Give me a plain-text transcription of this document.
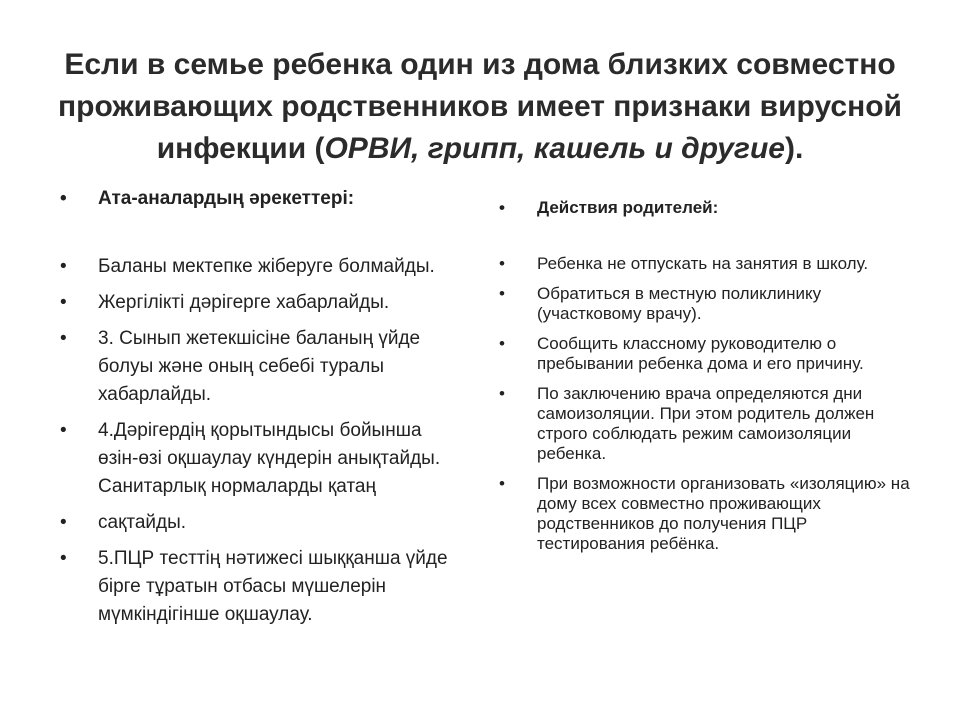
Если в семье ребенка один из дома близких совместно
проживающих родственников имеет признаки вирусной
инфекции (ОРВИ, грипп, кашель и другие).
• Ата-аналардың әрекеттері:
• Баланы мектепке жіберуге болмайды.
• Жергілікті дәрігерге хабарлайды.
• 3. Сынып жетекшісіне баланың үйде болуы және оның себебі туралы хабарлайды.
• 4.Дәрігердің қорытындысы бойынша өзін-өзі оқшаулау күндерін анықтайды. Санитарлық нормаларды қатаң
• сақтайды.
• 5.ПЦР тесттің нәтижесі шыққанша үйде бірге тұратын отбасы мүшелерін мүмкіндігінше оқшаулау.
• Действия родителей:
• Ребенка не отпускать на занятия в школу.
• Обратиться в местную поликлинику (участковому врачу).
• Сообщить классному руководителю о пребывании ребенка дома и его причину.
• По заключению врача определяются дни самоизоляции. При этом родитель должен строго соблюдать режим самоизоляции ребенка.
• При возможности организовать «изоляцию» на дому всех совместно проживающих родственников до получения ПЦР тестирования ребёнка.
